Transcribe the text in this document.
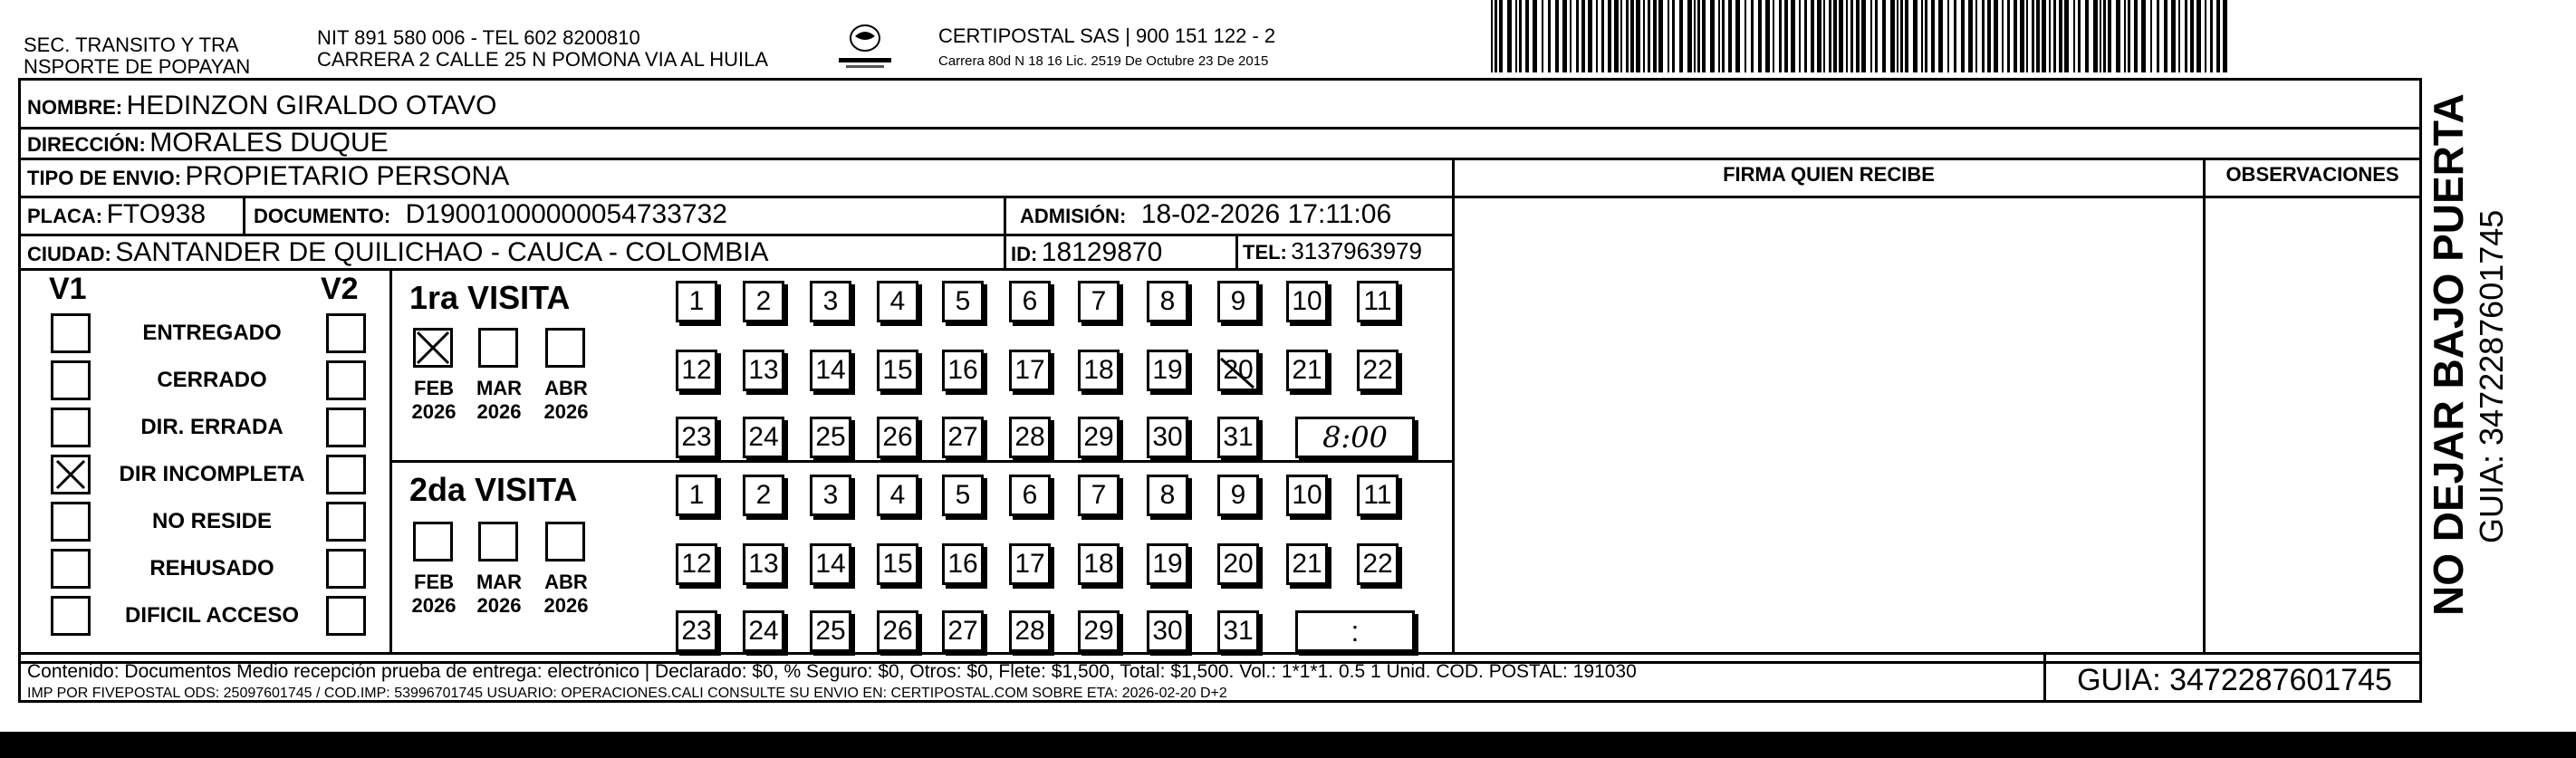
SEC. TRANSITO Y TRA
NSPORTE DE POPAYAN
NIT 891 580 006 - TEL 602 8200810
CARRERA 2 CALLE 25 N POMONA VIA AL HUILA
CERTIPOSTAL SAS | 900 151 122 - 2
Carrera 80d N 18 16 Lic. 2519 De Octubre 23 De 2015
NOMBRE: HEDINZON GIRALDO OTAVO
DIRECCIÓN: MORALES DUQUE
TIPO DE ENVIO: PROPIETARIO PERSONA	FIRMA QUIEN RECIBE	OBSERVACIONES
PLACA: FTO938 DOCUMENTO: D19001000000054733732	ADMISIÓN: 18-02-2026 17:11:06
CIUDAD: SANTANDER DE QUILICHAO - CAUCA - COLOMBIA	ID: 18129870	TEL: 3137963979
V1	V2
ENTREGADO
CERRADO
DIR. ERRADA
DIR INCOMPLETA
NO RESIDE
REHUSADO
DIFICIL ACCESO
1ra VISITA
2da VISITA
1	2	3	4	5	6	7	8	9	10 11
12 13 14 15 16 17 18 19 20 21 22
23 24 25 26 27 28 29 30 31	8:00
FEB
2026
MAR
2026
ABR
2026
1	2	3	4	5	6	7	8	9	10 11
12 13 14 15 16 17 18 19 20 21 22
23 24 25 26 27 28 29 30 31	:
FEB
2026
MAR
2026
ABR
2026	NO DEJAR BAJO PUERTA GUIA: 3472287601745
Contenido: Documentos Medio recepción prueba de entrega: electrónico | Declarado: $0, % Seguro: $0, Otros: $0, Flete: $1,500, Total: $1,500. Vol.: 1*1*1. 0.5 1 Unid. COD. POSTAL: 191030
IMP POR FIVEPOSTAL ODS: 25097601745 / COD.IMP: 53996701745 USUARIO: OPERACIONES.CALI CONSULTE SU ENVIO EN: CERTIPOSTAL.COM SOBRE ETA: 2026-02-20 D+2	GUIA: 3472287601745
